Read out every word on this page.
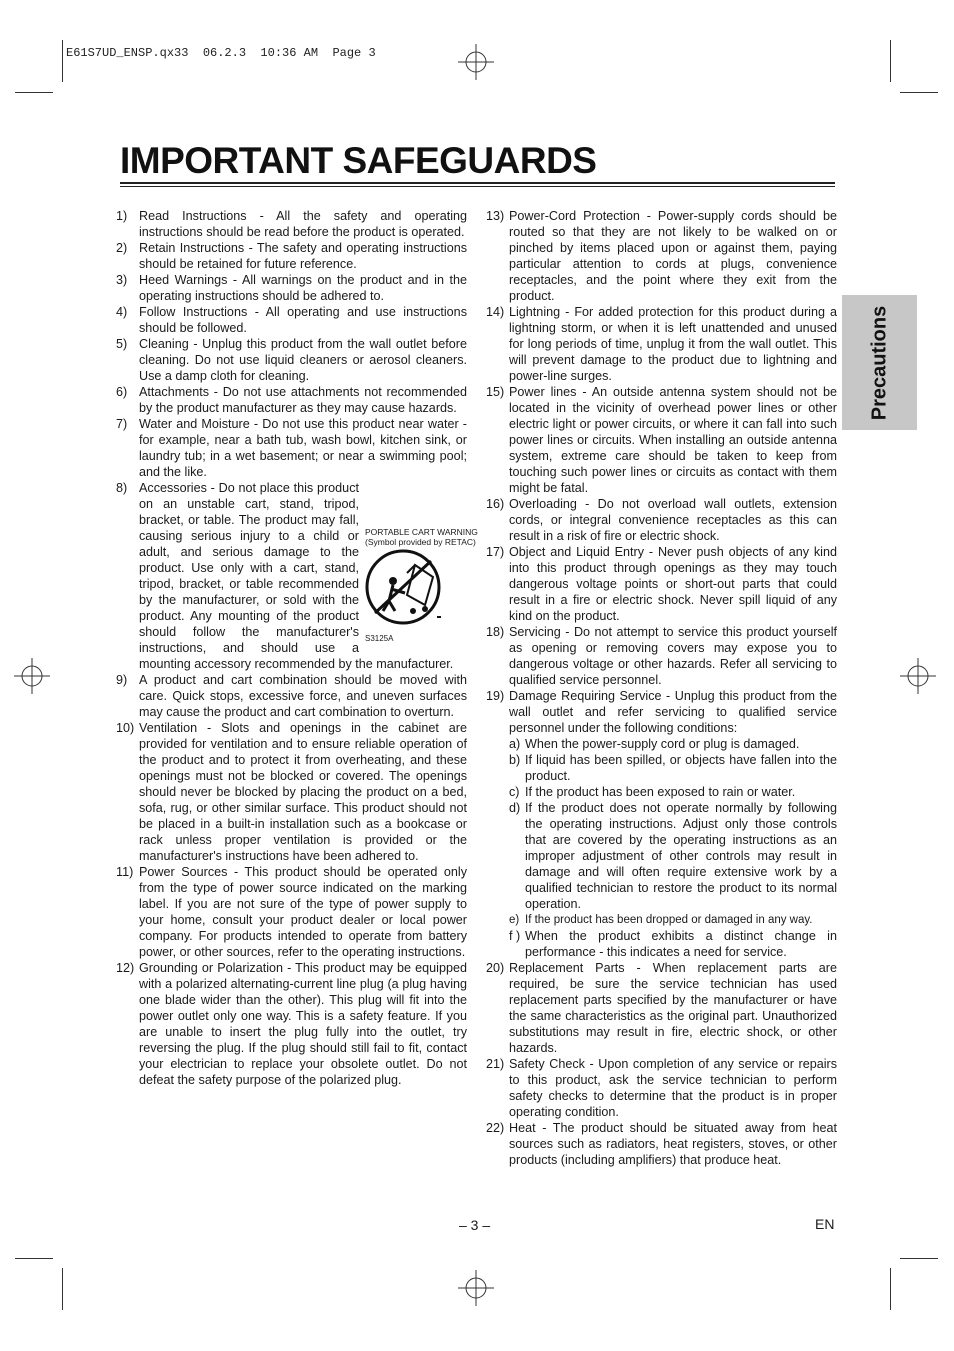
E61S7UD_ENSP.qx33  06.2.3  10:36 AM  Page 3
IMPORTANT SAFEGUARDS
Precautions
1) Read Instructions - All the safety and operating instructions should be read before the product is operated.
2) Retain Instructions - The safety and operating instructions should be retained for future reference.
3) Heed Warnings - All warnings on the product and in the operating instructions should be adhered to.
4) Follow Instructions - All operating and use instructions should be followed.
5) Cleaning - Unplug this product from the wall outlet before cleaning. Do not use liquid cleaners or aerosol cleaners. Use a damp cloth for cleaning.
6) Attachments - Do not use attachments not recommended by the product manufacturer as they may cause hazards.
7) Water and Moisture - Do not use this product near water - for example, near a bath tub, wash bowl, kitchen sink, or laundry tub; in a wet basement; or near a swimming pool; and the like.
8)
PORTABLE CART WARNING
(Symbol provided by RETAC)
S3125A
Accessories - Do not place this product on an unstable cart, stand, tripod, bracket, or table. The product may fall, causing serious injury to a child or adult, and serious damage to the product. Use only with a cart, stand, tripod, bracket, or table recommended by the manufacturer, or sold with the product. Any mounting of the product should follow the manufacturer's instructions, and should use a mounting accessory recommended by the manufacturer.
9) A product and cart combination should be moved with care. Quick stops, excessive force, and uneven surfaces may cause the product and cart combination to overturn.
10) Ventilation - Slots and openings in the cabinet are provided for ventilation and to ensure reliable operation of the product and to protect it from overheating, and these openings must not be blocked or covered. The openings should never be blocked by placing the product on a bed, sofa, rug, or other similar surface. This product should not be placed in a built-in installation such as a bookcase or rack unless proper ventilation is provided or the manufacturer's instructions have been adhered to.
11) Power Sources - This product should be operated only from the type of power source indicated on the marking label. If you are not sure of the type of power supply to your home, consult your product dealer or local power company. For products intended to operate from battery power, or other sources, refer to the operating instructions.
12) Grounding or Polarization - This product may be equipped with a polarized alternating-current line plug (a plug having one blade wider than the other). This plug will fit into the power outlet only one way. This is a safety feature. If you are unable to insert the plug fully into the outlet, try reversing the plug. If the plug should still fail to fit, contact your electrician to replace your obsolete outlet. Do not defeat the safety purpose of the polarized plug.
13) Power-Cord Protection - Power-supply cords should be routed so that they are not likely to be walked on or pinched by items placed upon or against them, paying particular attention to cords at plugs, convenience receptacles, and the point where they exit from the product.
14) Lightning - For added protection for this product during a lightning storm, or when it is left unattended and unused for long periods of time, unplug it from the wall outlet. This will prevent damage to the product due to lightning and power-line surges.
15) Power lines - An outside antenna system should not be located in the vicinity of overhead power lines or other electric light or power circuits, or where it can fall into such power lines or circuits. When installing an outside antenna system, extreme care should be taken to keep from touching such power lines or circuits as contact with them might be fatal.
16) Overloading - Do not overload wall outlets, extension cords, or integral convenience receptacles as this can result in a risk of fire or electric shock.
17) Object and Liquid Entry - Never push objects of any kind into this product through openings as they may touch dangerous voltage points or short-out parts that could result in a fire or electric shock. Never spill liquid of any kind on the product.
18) Servicing - Do not attempt to service this product yourself as opening or removing covers may expose you to dangerous voltage or other hazards. Refer all servicing to qualified service personnel.
19) Damage Requiring Service - Unplug this product from the wall outlet and refer servicing to qualified service personnel under the following conditions:
a) When the power-supply cord or plug is damaged.
b) If liquid has been spilled, or objects have fallen into the product.
c) If the product has been exposed to rain or water.
d) If the product does not operate normally by following the operating instructions. Adjust only those controls that are covered by the operating instructions as an improper adjustment of other controls may result in damage and will often require extensive work by a qualified technician to restore the product to its normal operation.
e) If the product has been dropped or damaged in any way.
f ) When the product exhibits a distinct change in performance - this indicates a need for service.
20) Replacement Parts - When replacement parts are required, be sure the service technician has used replacement parts specified by the manufacturer or have the same characteristics as the original part. Unauthorized substitutions may result in fire, electric shock, or other hazards.
21) Safety Check - Upon completion of any service or repairs to this product, ask the service technician to perform safety checks to determine that the product is in proper operating condition.
22) Heat - The product should be situated away from heat sources such as radiators, heat registers, stoves, or other products (including amplifiers) that produce heat.
– 3 –	EN
